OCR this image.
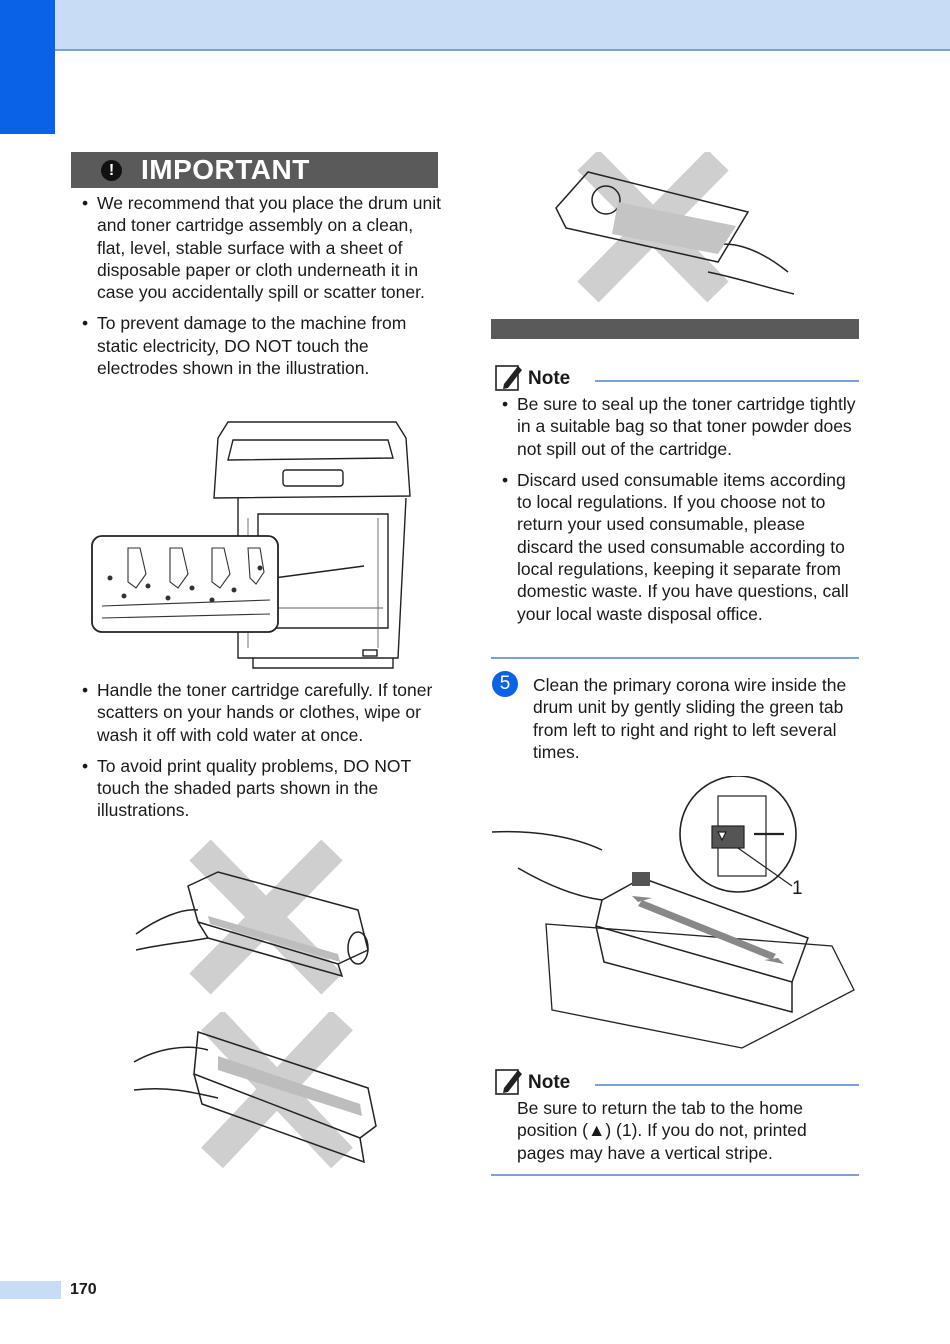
! IMPORTANT
• We recommend that you place the drum unit and toner cartridge assembly on a clean, flat, level, stable surface with a sheet of disposable paper or cloth underneath it in case you accidentally spill or scatter toner.
• To prevent damage to the machine from static electricity, DO NOT touch the electrodes shown in the illustration.
• Handle the toner cartridge carefully. If toner scatters on your hands or clothes, wipe or wash it off with cold water at once.
• To avoid print quality problems, DO NOT touch the shaded parts shown in the illustrations.
Note
• Be sure to seal up the toner cartridge tightly in a suitable bag so that toner powder does not spill out of the cartridge.
• Discard used consumable items according to local regulations. If you choose not to return your used consumable, please discard the used consumable according to local regulations, keeping it separate from domestic waste. If you have questions, call your local waste disposal office.
5	Clean the primary corona wire inside the drum unit by gently sliding the green tab from left to right and right to left several times.
1
Note
Be sure to return the tab to the home position (▲) (1). If you do not, printed pages may have a vertical stripe.
170
